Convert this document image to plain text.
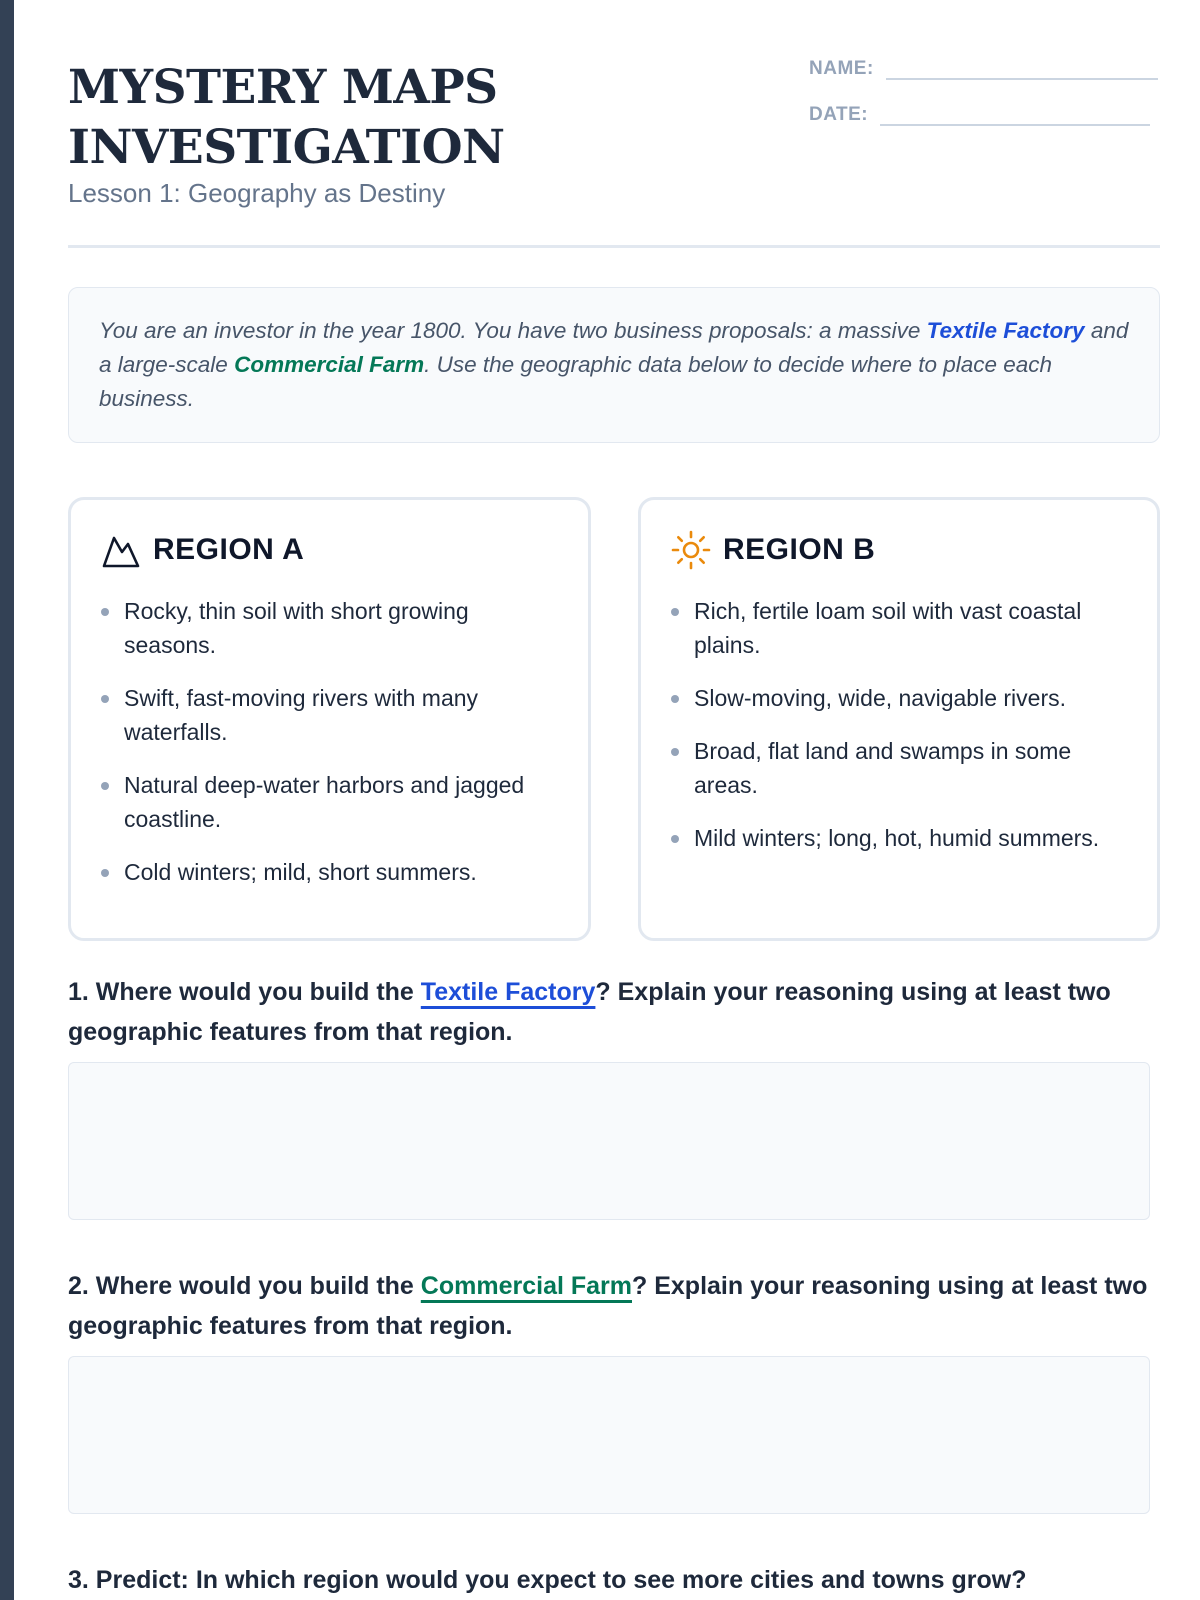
MYSTERY MAPS INVESTIGATION
Lesson 1: Geography as Destiny
NAME:
DATE:
You are an investor in the year 1800. You have two business proposals: a massive Textile Factory and a large-scale Commercial Farm. Use the geographic data below to decide where to place each business.
REGION A
Rocky, thin soil with short growing seasons.
Swift, fast-moving rivers with many waterfalls.
Natural deep-water harbors and jagged coastline.
Cold winters; mild, short summers.
REGION B
Rich, fertile loam soil with vast coastal plains.
Slow-moving, wide, navigable rivers.
Broad, flat land and swamps in some areas.
Mild winters; long, hot, humid summers.

1. Where would you build the Textile Factory? Explain your reasoning using at least two geographic features from that region.

2. Where would you build the Commercial Farm? Explain your reasoning using at least two geographic features from that region.

3. Predict: In which region would you expect to see more cities and towns grow?
